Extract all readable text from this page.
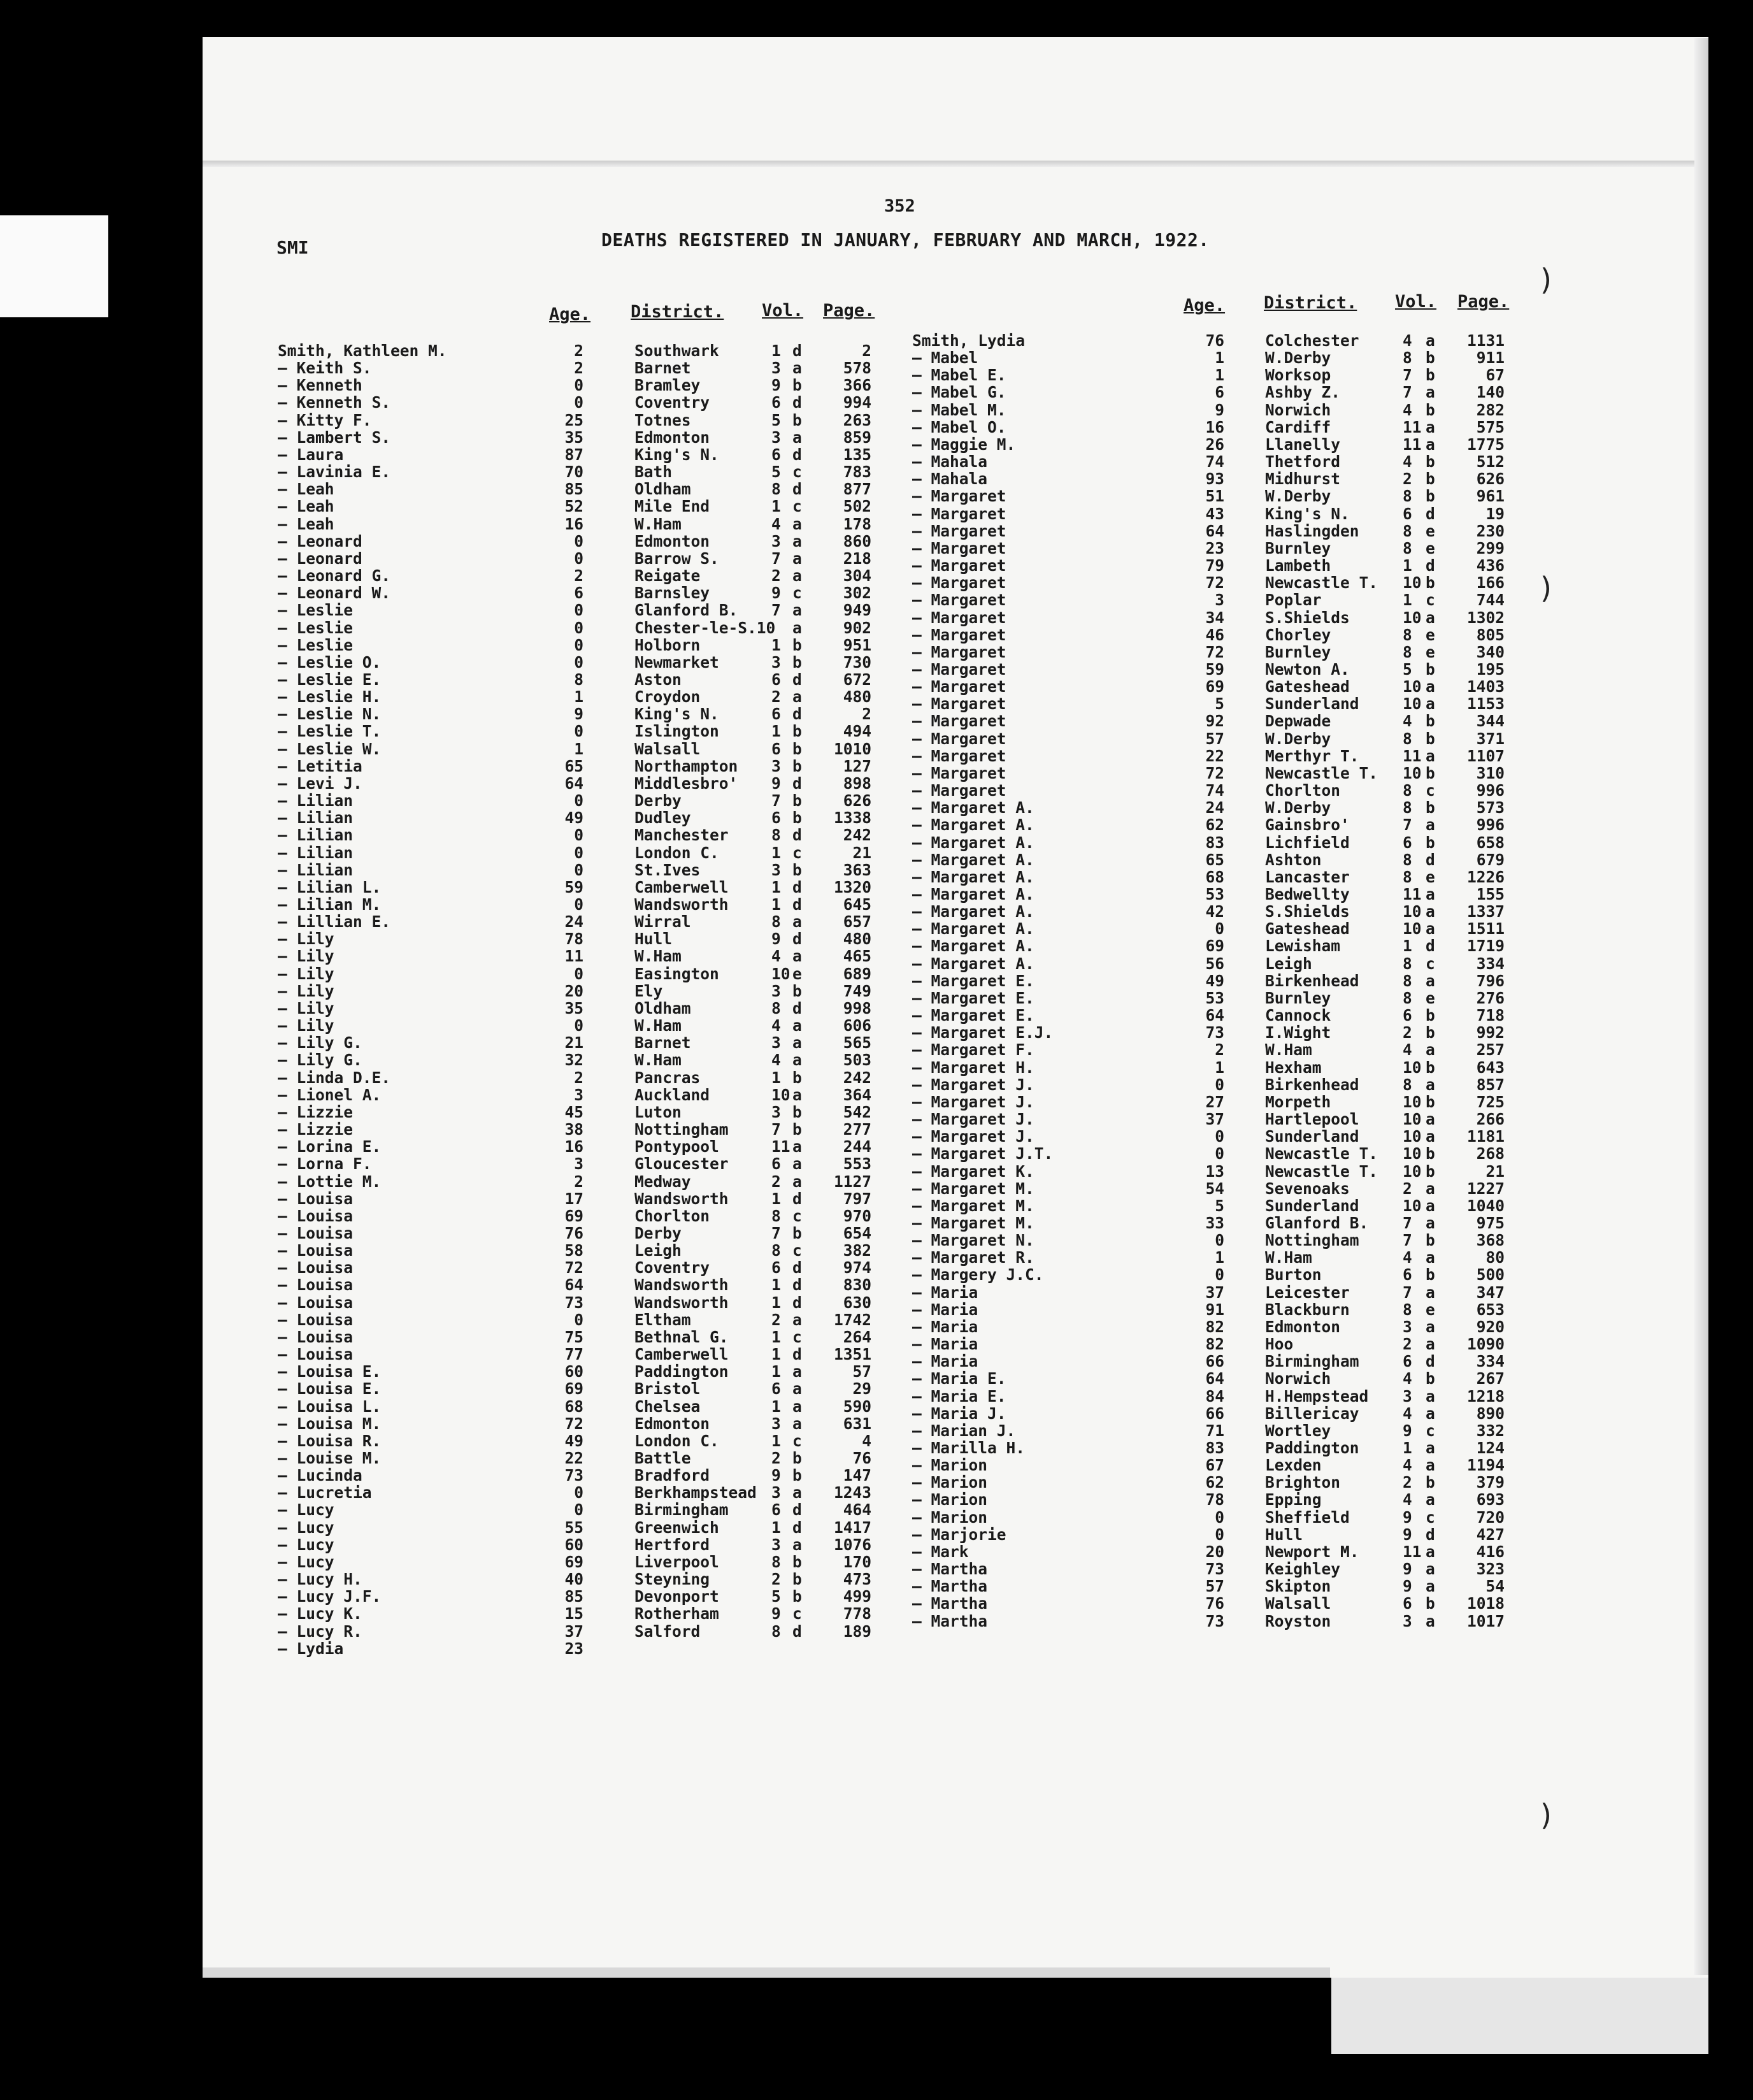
)
)
)
352
SMI	DEATHS REGISTERED IN JANUARY, FEBRUARY AND MARCH, 1922.
Age. District. Vol. Page.	Age. District. Vol. Page.
Smith, Kathleen M.	2	Southwark	1 d	2
— Keith S.	2	Barnet	3 a	578
— Kenneth	0	Bramley	9 b	366
— Kenneth S.	0	Coventry	6 d	994
— Kitty F.	25	Totnes	5 b	263
— Lambert S.	35	Edmonton	3 a	859
— Laura	87	King's N.	6 d	135
— Lavinia E.	70	Bath	5 c	783
— Leah	85	Oldham	8 d	877
— Leah	52	Mile End	1 c	502
— Leah	16	W.Ham	4 a	178
— Leonard	0	Edmonton	3 a	860
— Leonard	0	Barrow S.	7 a	218
— Leonard G.	2	Reigate	2 a	304
— Leonard W.	6	Barnsley	9 c	302
— Leslie	0	Glanford B. 7 a	949
— Leslie	0	Chester-le-S.10 a	902
— Leslie	0	Holborn	1 b	951
— Leslie O.	0	Newmarket	3 b	730
— Leslie E.	8	Aston	6 d	672
— Leslie H.	1	Croydon	2 a	480
— Leslie N.	9	King's N.	6 d	2
— Leslie T.	0	Islington	1 b	494
— Leslie W.	1	Walsall	6 b	1010
— Letitia	65	Northampton 3 b	127
— Levi J.	64	Middlesbro' 9 d	898
— Lilian	0	Derby	7 b	626
— Lilian	49	Dudley	6 b	1338
— Lilian	0	Manchester	8 d	242
— Lilian	0	London C.	1 c	21
— Lilian	0	St.Ives	3 b	363
— Lilian L.	59	Camberwell	1 d	1320
— Lilian M.	0	Wandsworth	1 d	645
— Lillian E.	24	Wirral	8 a	657
— Lily	78	Hull	9 d	480
— Lily	11	W.Ham	4 a	465
— Lily	0	Easington	10 e	689
— Lily	20	Ely	3 b	749
— Lily	35	Oldham	8 d	998
— Lily	0	W.Ham	4 a	606
— Lily G.	21	Barnet	3 a	565
— Lily G.	32	W.Ham	4 a	503
— Linda D.E.	2	Pancras	1 b	242
— Lionel A.	3	Auckland	10 a	364
— Lizzie	45	Luton	3 b	542
— Lizzie	38	Nottingham	7 b	277
— Lorina E.	16	Pontypool	11 a	244
— Lorna F.	3	Gloucester	6 a	553
— Lottie M.	2	Medway	2 a	1127
— Louisa	17	Wandsworth	1 d	797
— Louisa	69	Chorlton	8 c	970
— Louisa	76	Derby	7 b	654
— Louisa	58	Leigh	8 c	382
— Louisa	72	Coventry	6 d	974
— Louisa	64	Wandsworth	1 d	830
— Louisa	73	Wandsworth	1 d	630
— Louisa	0	Eltham	2 a	1742
— Louisa	75	Bethnal G.	1 c	264
— Louisa	77	Camberwell	1 d	1351
— Louisa E.	60	Paddington	1 a	57
— Louisa E.	69	Bristol	6 a	29
— Louisa L.	68	Chelsea	1 a	590
— Louisa M.	72	Edmonton	3 a	631
— Louisa R.	49	London C.	1 c	4
— Louise M.	22	Battle	2 b	76
— Lucinda	73	Bradford	9 b	147
— Lucretia	0	Berkhampstead 3 a	1243
— Lucy	0	Birmingham	6 d	464
— Lucy	55	Greenwich	1 d	1417
— Lucy	60	Hertford	3 a	1076
— Lucy	69	Liverpool	8 b	170
— Lucy H.	40	Steyning	2 b	473
— Lucy J.F.	85	Devonport	5 b	499
— Lucy K.	15	Rotherham	9 c	778
— Lucy R.	37	Salford	8 d	189
— Lydia	23
Smith, Lydia	76	Colchester	4 a	1131
— Mabel	1	W.Derby	8 b	911
— Mabel E.	1	Worksop	7 b	67
— Mabel G.	6	Ashby Z.	7 a	140
— Mabel M.	9	Norwich	4 b	282
— Mabel O.	16	Cardiff	11 a	575
— Maggie M.	26	Llanelly	11 a	1775
— Mahala	74	Thetford	4 b	512
— Mahala	93	Midhurst	2 b	626
— Margaret	51	W.Derby	8 b	961
— Margaret	43	King's N.	6 d	19
— Margaret	64	Haslingden	8 e	230
— Margaret	23	Burnley	8 e	299
— Margaret	79	Lambeth	1 d	436
— Margaret	72	Newcastle T. 10 b	166
— Margaret	3	Poplar	1 c	744
— Margaret	34	S.Shields	10 a	1302
— Margaret	46	Chorley	8 e	805
— Margaret	72	Burnley	8 e	340
— Margaret	59	Newton A.	5 b	195
— Margaret	69	Gateshead	10 a	1403
— Margaret	5	Sunderland	10 a	1153
— Margaret	92	Depwade	4 b	344
— Margaret	57	W.Derby	8 b	371
— Margaret	22	Merthyr T.	11 a	1107
— Margaret	72	Newcastle T. 10 b	310
— Margaret	74	Chorlton	8 c	996
— Margaret A.	24	W.Derby	8 b	573
— Margaret A.	62	Gainsbro'	7 a	996
— Margaret A.	83	Lichfield	6 b	658
— Margaret A.	65	Ashton	8 d	679
— Margaret A.	68	Lancaster	8 e	1226
— Margaret A.	53	Bedwellty	11 a	155
— Margaret A.	42	S.Shields	10 a	1337
— Margaret A.	0	Gateshead	10 a	1511
— Margaret A.	69	Lewisham	1 d	1719
— Margaret A.	56	Leigh	8 c	334
— Margaret E.	49	Birkenhead	8 a	796
— Margaret E.	53	Burnley	8 e	276
— Margaret E.	64	Cannock	6 b	718
— Margaret E.J.	73	I.Wight	2 b	992
— Margaret F.	2	W.Ham	4 a	257
— Margaret H.	1	Hexham	10 b	643
— Margaret J.	0	Birkenhead	8 a	857
— Margaret J.	27	Morpeth	10 b	725
— Margaret J.	37	Hartlepool	10 a	266
— Margaret J.	0	Sunderland	10 a	1181
— Margaret J.T.	0	Newcastle T. 10 b	268
— Margaret K.	13	Newcastle T. 10 b	21
— Margaret M.	54	Sevenoaks	2 a	1227
— Margaret M.	5	Sunderland	10 a	1040
— Margaret M.	33	Glanford B. 7 a	975
— Margaret N.	0	Nottingham	7 b	368
— Margaret R.	1	W.Ham	4 a	80
— Margery J.C.	0	Burton	6 b	500
— Maria	37	Leicester	7 a	347
— Maria	91	Blackburn	8 e	653
— Maria	82	Edmonton	3 a	920
— Maria	82	Hoo	2 a	1090
— Maria	66	Birmingham	6 d	334
— Maria E.	64	Norwich	4 b	267
— Maria E.	84	H.Hempstead 3 a	1218
— Maria J.	66	Billericay	4 a	890
— Marian J.	71	Wortley	9 c	332
— Marilla H.	83	Paddington	1 a	124
— Marion	67	Lexden	4 a	1194
— Marion	62	Brighton	2 b	379
— Marion	78	Epping	4 a	693
— Marion	0	Sheffield	9 c	720
— Marjorie	0	Hull	9 d	427
— Mark	20	Newport M.	11 a	416
— Martha	73	Keighley	9 a	323
— Martha	57	Skipton	9 a	54
— Martha	76	Walsall	6 b	1018
— Martha	73	Royston	3 a	1017
